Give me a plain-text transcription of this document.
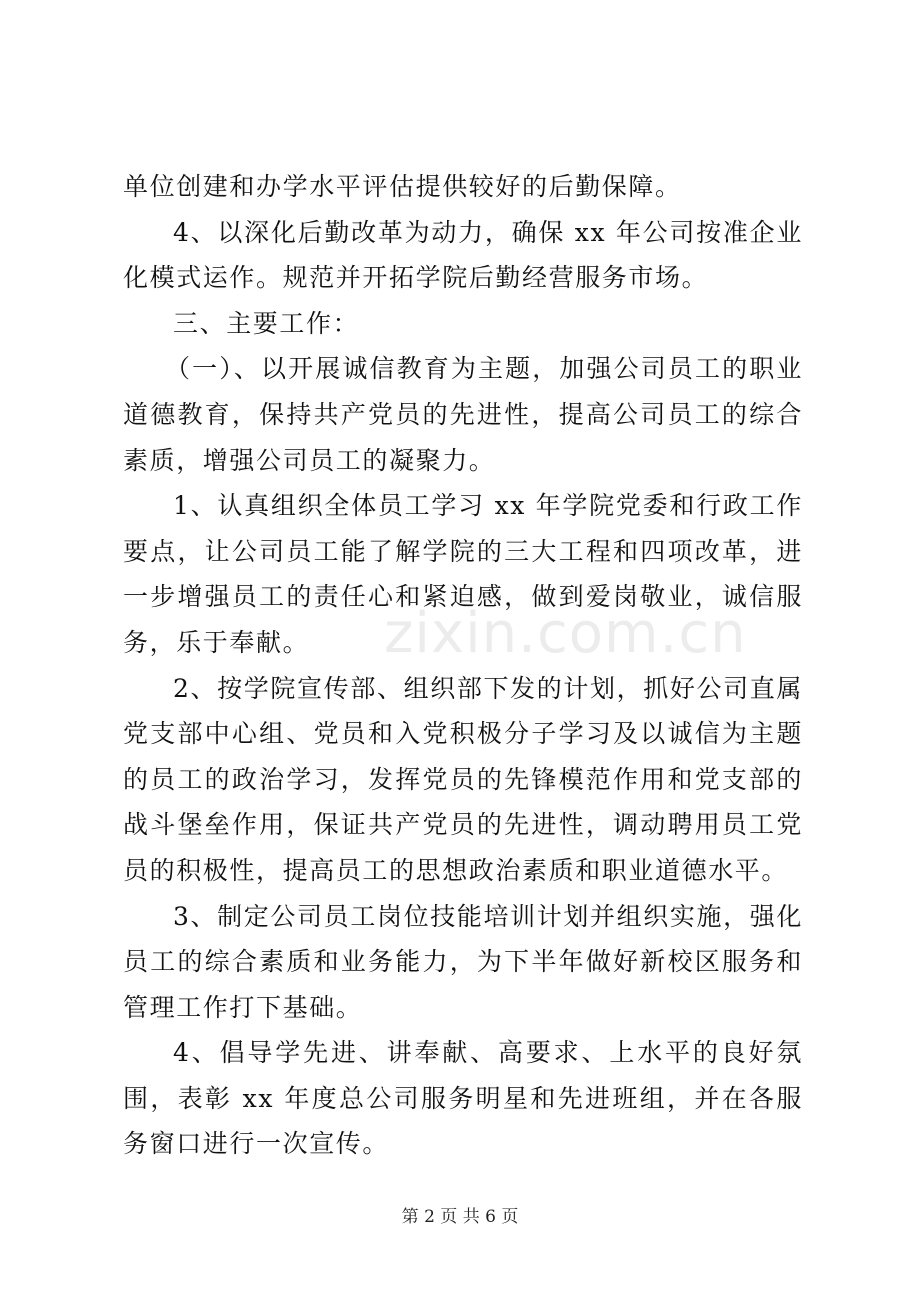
单位创建和办学水平评估提供较好的后勤保障。

4、以深化后勤改革为动力，确保 xx 年公司按准企业化模式运作。规范并开拓学院后勤经营服务市场。

三、主要工作：

（一）、以开展诚信教育为主题，加强公司员工的职业道德教育，保持共产党员的先进性，提高公司员工的综合素质，增强公司员工的凝聚力。

1、认真组织全体员工学习 xx 年学院党委和行政工作要点，让公司员工能了解学院的三大工程和四项改革，进一步增强员工的责任心和紧迫感，做到爱岗敬业，诚信服务，乐于奉献。

2、按学院宣传部、组织部下发的计划，抓好公司直属党支部中心组、党员和入党积极分子学习及以诚信为主题的员工的政治学习，发挥党员的先锋模范作用和党支部的战斗堡垒作用，保证共产党员的先进性，调动聘用员工党员的积极性，提高员工的思想政治素质和职业道德水平。

3、制定公司员工岗位技能培训计划并组织实施，强化员工的综合素质和业务能力，为下半年做好新校区服务和管理工作打下基础。

4、倡导学先进、讲奉献、高要求、上水平的良好氛围，表彰 xx 年度总公司服务明星和先进班组，并在各服务窗口进行一次宣传。

zixin.com.cn
第 2 页 共 6 页
